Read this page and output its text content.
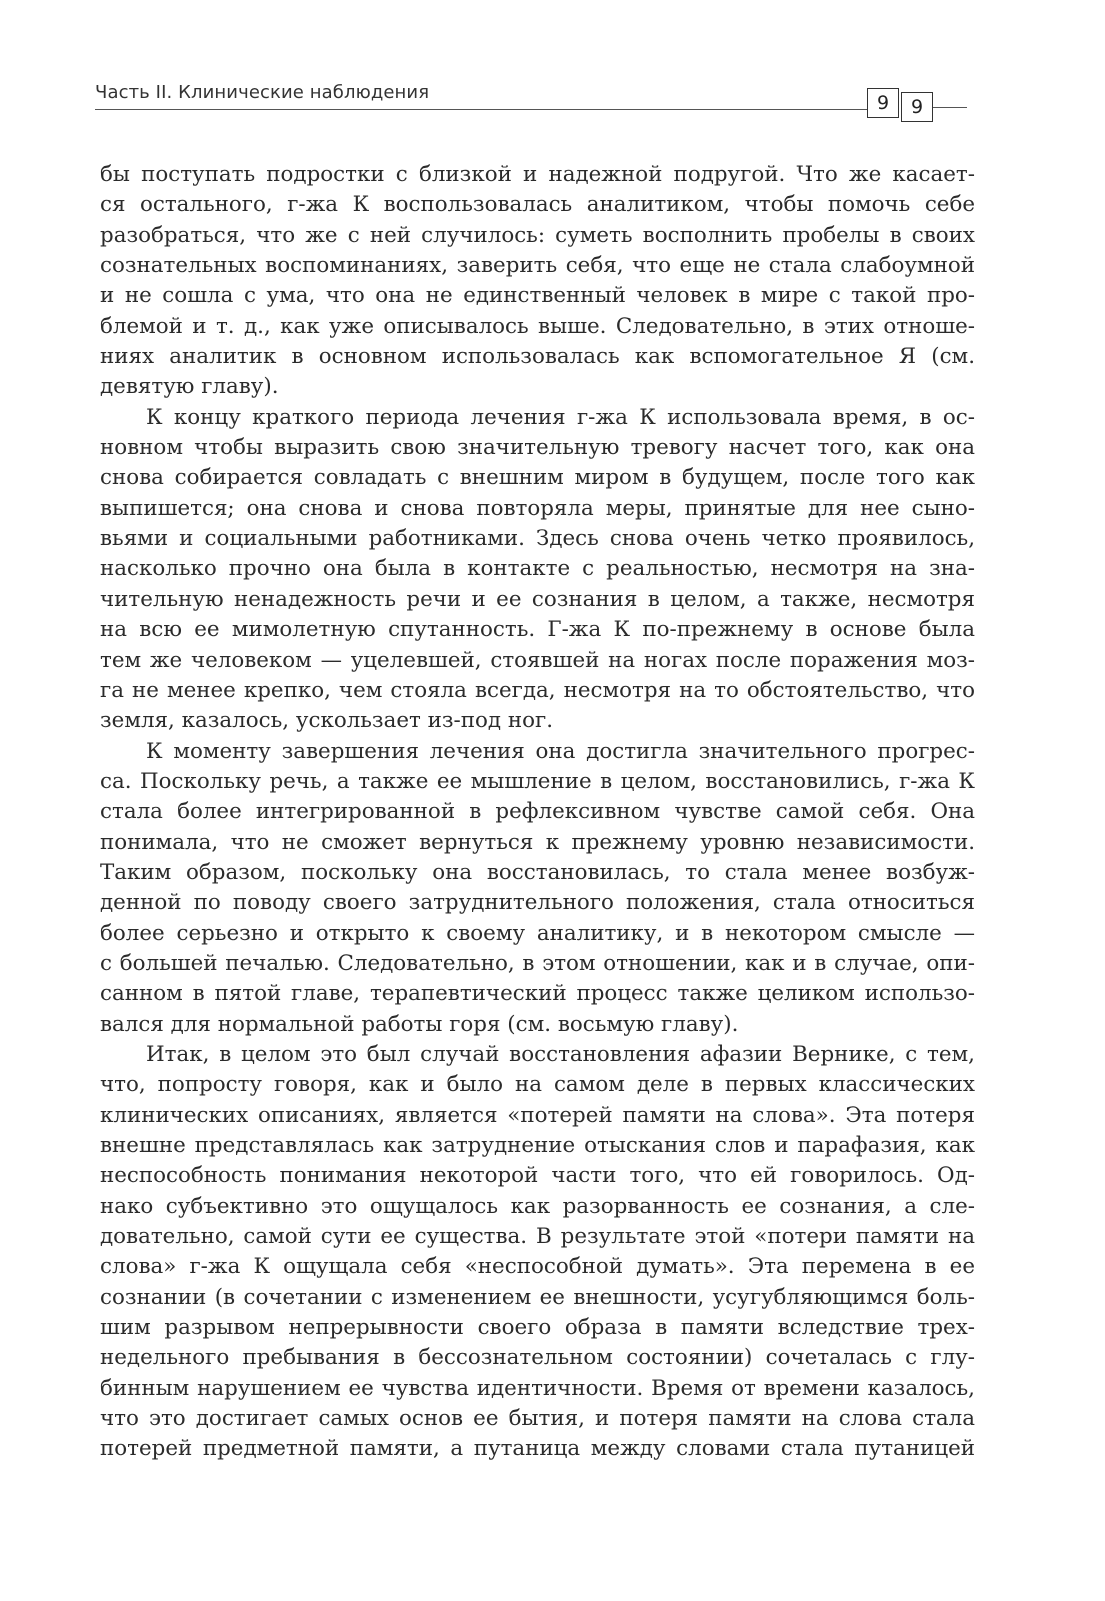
Часть II. Клинические наблюдения	9	9

бы поступать подростки с близкой и надежной подругой. Что же касает-
ся остального, г-жа К воспользовалась аналитиком, чтобы помочь себе
разобраться, что же с ней случилось: суметь восполнить пробелы в своих
сознательных воспоминаниях, заверить себя, что еще не стала слабоумной
и не сошла с ума, что она не единственный человек в мире с такой про-
блемой и т. д., как уже описывалось выше. Следовательно, в этих отноше-
ниях аналитик в основном использовалась как вспомогательное Я (см.
девятую главу).

К концу краткого периода лечения г-жа К использовала время, в ос-
новном чтобы выразить свою значительную тревогу насчет того, как она
снова собирается совладать с внешним миром в будущем, после того как
выпишется; она снова и снова повторяла меры, принятые для нее сыно-
вьями и социальными работниками. Здесь снова очень четко проявилось,
насколько прочно она была в контакте с реальностью, несмотря на зна-
чительную ненадежность речи и ее сознания в целом, а также, несмотря
на всю ее мимолетную спутанность. Г-жа К по-прежнему в основе была
тем же человеком — уцелевшей, стоявшей на ногах после поражения моз-
га не менее крепко, чем стояла всегда, несмотря на то обстоятельство, что
земля, казалось, ускользает из-под ног.

К моменту завершения лечения она достигла значительного прогрес-
са. Поскольку речь, а также ее мышление в целом, восстановились, г-жа К
стала более интегрированной в рефлексивном чувстве самой себя. Она
понимала, что не сможет вернуться к прежнему уровню независимости.
Таким образом, поскольку она восстановилась, то стала менее возбуж-
денной по поводу своего затруднительного положения, стала относиться
более серьезно и открыто к своему аналитику, и в некотором смысле —
с большей печалью. Следовательно, в этом отношении, как и в случае, опи-
санном в пятой главе, терапевтический процесс также целиком использо-
вался для нормальной работы горя (см. восьмую главу).

Итак, в целом это был случай восстановления афазии Вернике, с тем,
что, попросту говоря, как и было на самом деле в первых классических
клинических описаниях, является «потерей памяти на слова». Эта потеря
внешне представлялась как затруднение отыскания слов и парафазия, как
неспособность понимания некоторой части того, что ей говорилось. Од-
нако субъективно это ощущалось как разорванность ее сознания, а сле-
довательно, самой сути ее существа. В результате этой «потери памяти на
слова» г-жа К ощущала себя «неспособной думать». Эта перемена в ее
сознании (в сочетании с изменением ее внешности, усугубляющимся боль-
шим разрывом непрерывности своего образа в памяти вследствие трех-
недельного пребывания в бессознательном состоянии) сочеталась с глу-
бинным нарушением ее чувства идентичности. Время от времени казалось,
что это достигает самых основ ее бытия, и потеря памяти на слова стала
потерей предметной памяти, а путаница между словами стала путаницей
